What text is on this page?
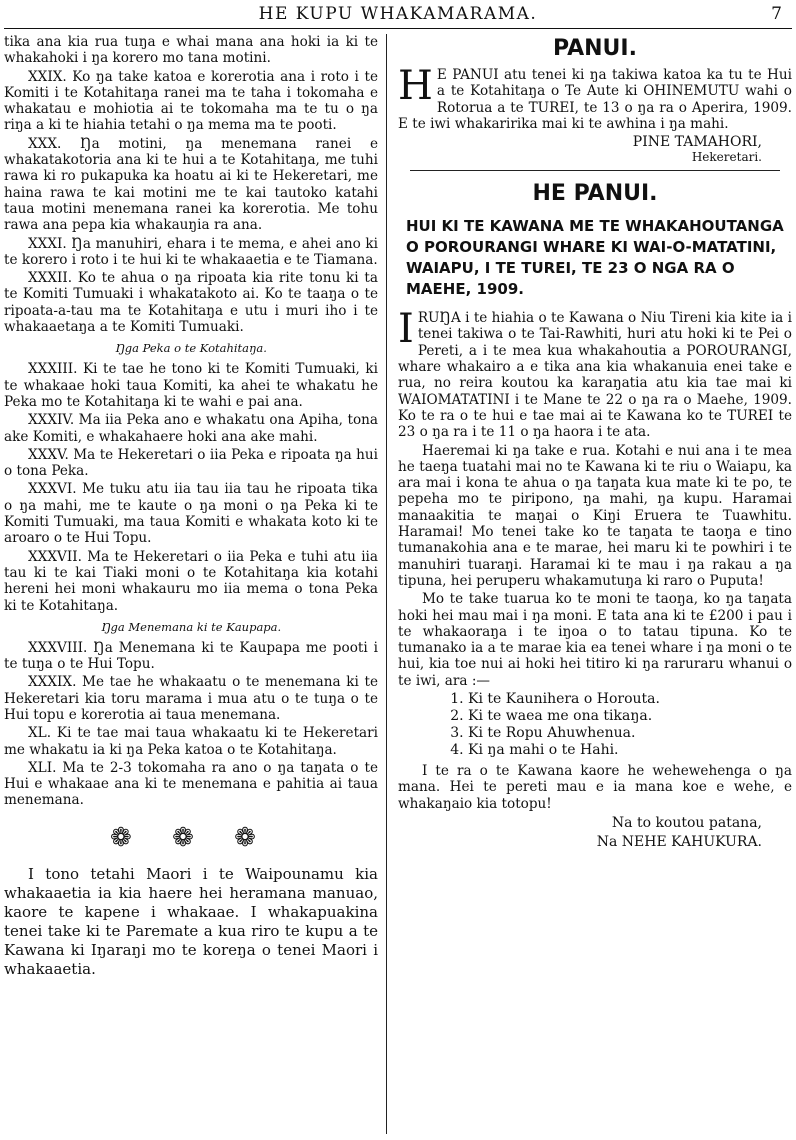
HE KUPU WHAKAMARAMA.	7

tika ana kia rua tuŋa e whai mana ana hoki ia ki te whakahoki i ŋa korero mo tana motini.

XXIX. Ko ŋa take katoa e korerotia ana i roto i te Komiti i te Kotahitaŋa ranei ma te taha i tokomaha e whakatau e mohiotia ai te tokomaha ma te tu o ŋa riŋa a ki te hiahia tetahi o ŋa mema ma te pooti.

XXX. Ŋa motini, ŋa menemana ranei e whakatakotoria ana ki te hui a te Kotahitaŋa, me tuhi rawa ki ro pukapuka ka hoatu ai ki te Hekeretari, me haina rawa te kai motini me te kai tautoko katahi taua motini menemana ranei ka korerotia. Me tohu rawa ana pepa kia whakauŋia ra ana.

XXXI. Ŋa manuhiri, ehara i te mema, e ahei ano ki te korero i roto i te hui ki te whakaaetia e te Tiamana.

XXXII. Ko te ahua o ŋa ripoata kia rite tonu ki ta te Komiti Tumuaki i whakatakoto ai. Ko te taaŋa o te ripoata-a-tau ma te Kotahitaŋa e utu i muri iho i te whakaaetaŋa a te Komiti Tumuaki.

Ŋga Peka o te Kotahitaŋa.

XXXIII. Ki te tae he tono ki te Komiti Tumuaki, ki te whakaae hoki taua Komiti, ka ahei te whakatu he Peka mo te Kotahitaŋa ki te wahi e pai ana.

XXXIV. Ma iia Peka ano e whakatu ona Apiha, tona ake Komiti, e whakahaere hoki ana ake mahi.

XXXV. Ma te Hekeretari o iia Peka e ripoata ŋa hui o tona Peka.

XXXVI. Me tuku atu iia tau iia tau he ripoata tika o ŋa mahi, me te kaute o ŋa moni o ŋa Peka ki te Komiti Tumuaki, ma taua Komiti e whakata koto ki te aroaro o te Hui Topu.

XXXVII. Ma te Hekeretari o iia Peka e tuhi atu iia tau ki te kai Tiaki moni o te Kotahitaŋa kia kotahi hereni hei moni whakauru mo iia mema o tona Peka ki te Kotahitaŋa.

Ŋga Menemana ki te Kaupapa.

XXXVIII. Ŋa Menemana ki te Kaupapa me pooti i te tuŋa o te Hui Topu.

XXXIX. Me tae he whakaatu o te menemana ki te Hekeretari kia toru marama i mua atu o te tuŋa o te Hui topu e korerotia ai taua menemana.

XL. Ki te tae mai taua whakaatu ki te Hekeretari me whakatu ia ki ŋa Peka katoa o te Kotahitaŋa.

XLI. Ma te 2-3 tokomaha ra ano o ŋa taŋata o te Hui e whakaae ana ki te menemana e pahitia ai taua menemana.

❁ ❁ ❁

I tono tetahi Maori i te Waipounamu kia whakaaetia ia kia haere hei heramana manuao, kaore te kapene i whakaae. I whakapuakina tenei take ki te Paremate a kua riro te kupu a te Kawana ki Iŋaraŋi mo te koreŋa o tenei Maori i whakaaetia.

PANUI.

H E PANUI atu tenei ki ŋa takiwa katoa ka tu te Hui a te Kotahitaŋa o Te Aute ki OHINEMUTU wahi o Rotorua a te TUREI, te 13 o ŋa ra o Aperira, 1909. E te iwi whakaririka mai ki te awhina i ŋa mahi.

PINE TAMAHORI,
Hekeretari.
HE PANUI.
HUI KI TE KAWANA ME TE WHAKAHOUTANGA O POROURANGI WHARE KI WAI-O-MATATINI, WAIAPU, I TE TUREI, TE 23 O NGA RA O MAEHE, 1909.

I RUŊA i te hiahia o te Kawana o Niu Tireni kia kite ia i tenei takiwa o te Tai-Rawhiti, huri atu hoki ki te Pei o Pereti, a i te mea kua whakahoutia a POROURANGI, whare whakairo a e tika ana kia whakanuia enei take e rua, no reira koutou ka karaŋatia atu kia tae mai ki WAIOMATATINI i te Mane te 22 o ŋa ra o Maehe, 1909. Ko te ra o te hui e tae mai ai te Kawana ko te TUREI te 23 o ŋa ra i te 11 o ŋa haora i te ata.

Haeremai ki ŋa take e rua. Kotahi e nui ana i te mea he taeŋa tuatahi mai no te Kawana ki te riu o Waiapu, ka ara mai i kona te ahua o ŋa taŋata kua mate ki te po, te pepeha mo te piripono, ŋa mahi, ŋa kupu. Haramai manaakitia te maŋai o Kiŋi Eruera te Tuawhitu. Haramai! Mo tenei take ko te taŋata te taoŋa e tino tumanakohia ana e te marae, hei maru ki te powhiri i te manuhiri tuaraŋi. Haramai ki te mau i ŋa rakau a ŋa tipuna, hei peruperu whakamutuŋa ki raro o Puputa!

Mo te take tuarua ko te moni te taoŋa, ko ŋa taŋata hoki hei mau mai i ŋa moni. E tata ana ki te £200 i pau i te whakaoraŋa i te iŋoa o to tatau tipuna. Ko te tumanako ia a te marae kia ea tenei whare i ŋa moni o te hui, kia toe nui ai hoki hei titiro ki ŋa raruraru whanui o te iwi, ara :—

1. Ki te Kaunihera o Horouta.
2. Ki te waea me ona tikaŋa.
3. Ki te Ropu Ahuwhenua.
4. Ki ŋa mahi o te Hahi.

I te ra o te Kawana kaore he wehewehenga o ŋa mana. Hei te pereti mau e ia mana koe e wehe, e whakaŋaio kia totopu!

Na to koutou patana,
Na NEHE KAHUKURA.
